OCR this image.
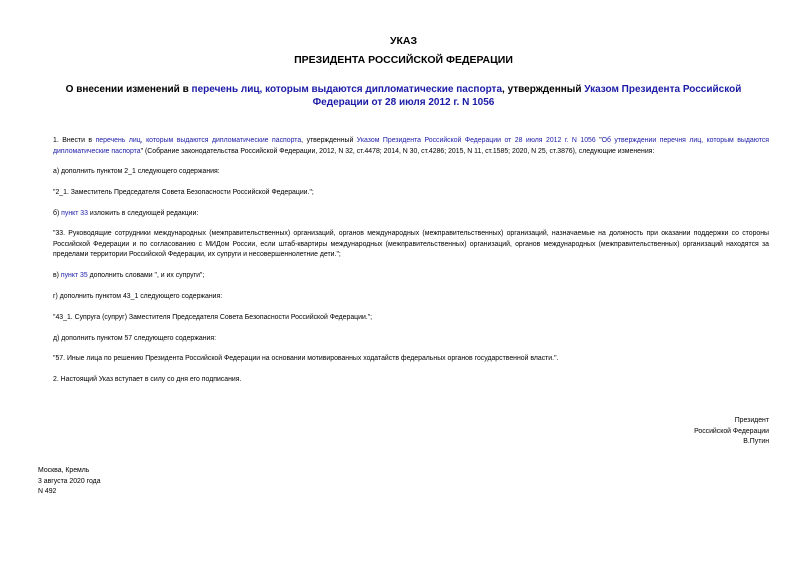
УКАЗ
ПРЕЗИДЕНТА РОССИЙСКОЙ ФЕДЕРАЦИИ
О внесении изменений в перечень лиц, которым выдаются дипломатические паспорта, утвержденный Указом Президента Российской Федерации от 28 июля 2012 г. N 1056
1. Внести в перечень лиц, которым выдаются дипломатические паспорта, утвержденный Указом Президента Российской Федерации от 28 июля 2012 г. N 1056 "Об утверждении перечня лиц, которым выдаются дипломатические паспорта" (Собрание законодательства Российской Федерации, 2012, N 32, ст.4478; 2014, N 30, ст.4286; 2015, N 11, ст.1585; 2020, N 25, ст.3876), следующие изменения:
а) дополнить пунктом 2_1 следующего содержания:
"2_1. Заместитель Председателя Совета Безопасности Российской Федерации.";
б) пункт 33 изложить в следующей редакции:
"33. Руководящие сотрудники международных (межправительственных) организаций, органов международных (межправительственных) организаций, назначаемые на должность при оказании поддержки со стороны Российской Федерации и по согласованию с МИДом России, если штаб-квартиры международных (межправительственных) организаций, органов международных (межправительственных) организаций находятся за пределами территории Российской Федерации, их супруги и несовершеннолетние дети.";
в) пункт 35 дополнить словами ", и их супруги";
г) дополнить пунктом 43_1 следующего содержания:
"43_1. Супруга (супруг) Заместителя Председателя Совета Безопасности Российской Федерации.";
д) дополнить пунктом 57 следующего содержания:
"57. Иные лица по решению Президента Российской Федерации на основании мотивированных ходатайств федеральных органов государственной власти.".
2. Настоящий Указ вступает в силу со дня его подписания.
Президент
Российской Федерации
В.Путин
Москва, Кремль
3 августа 2020 года
N 492
